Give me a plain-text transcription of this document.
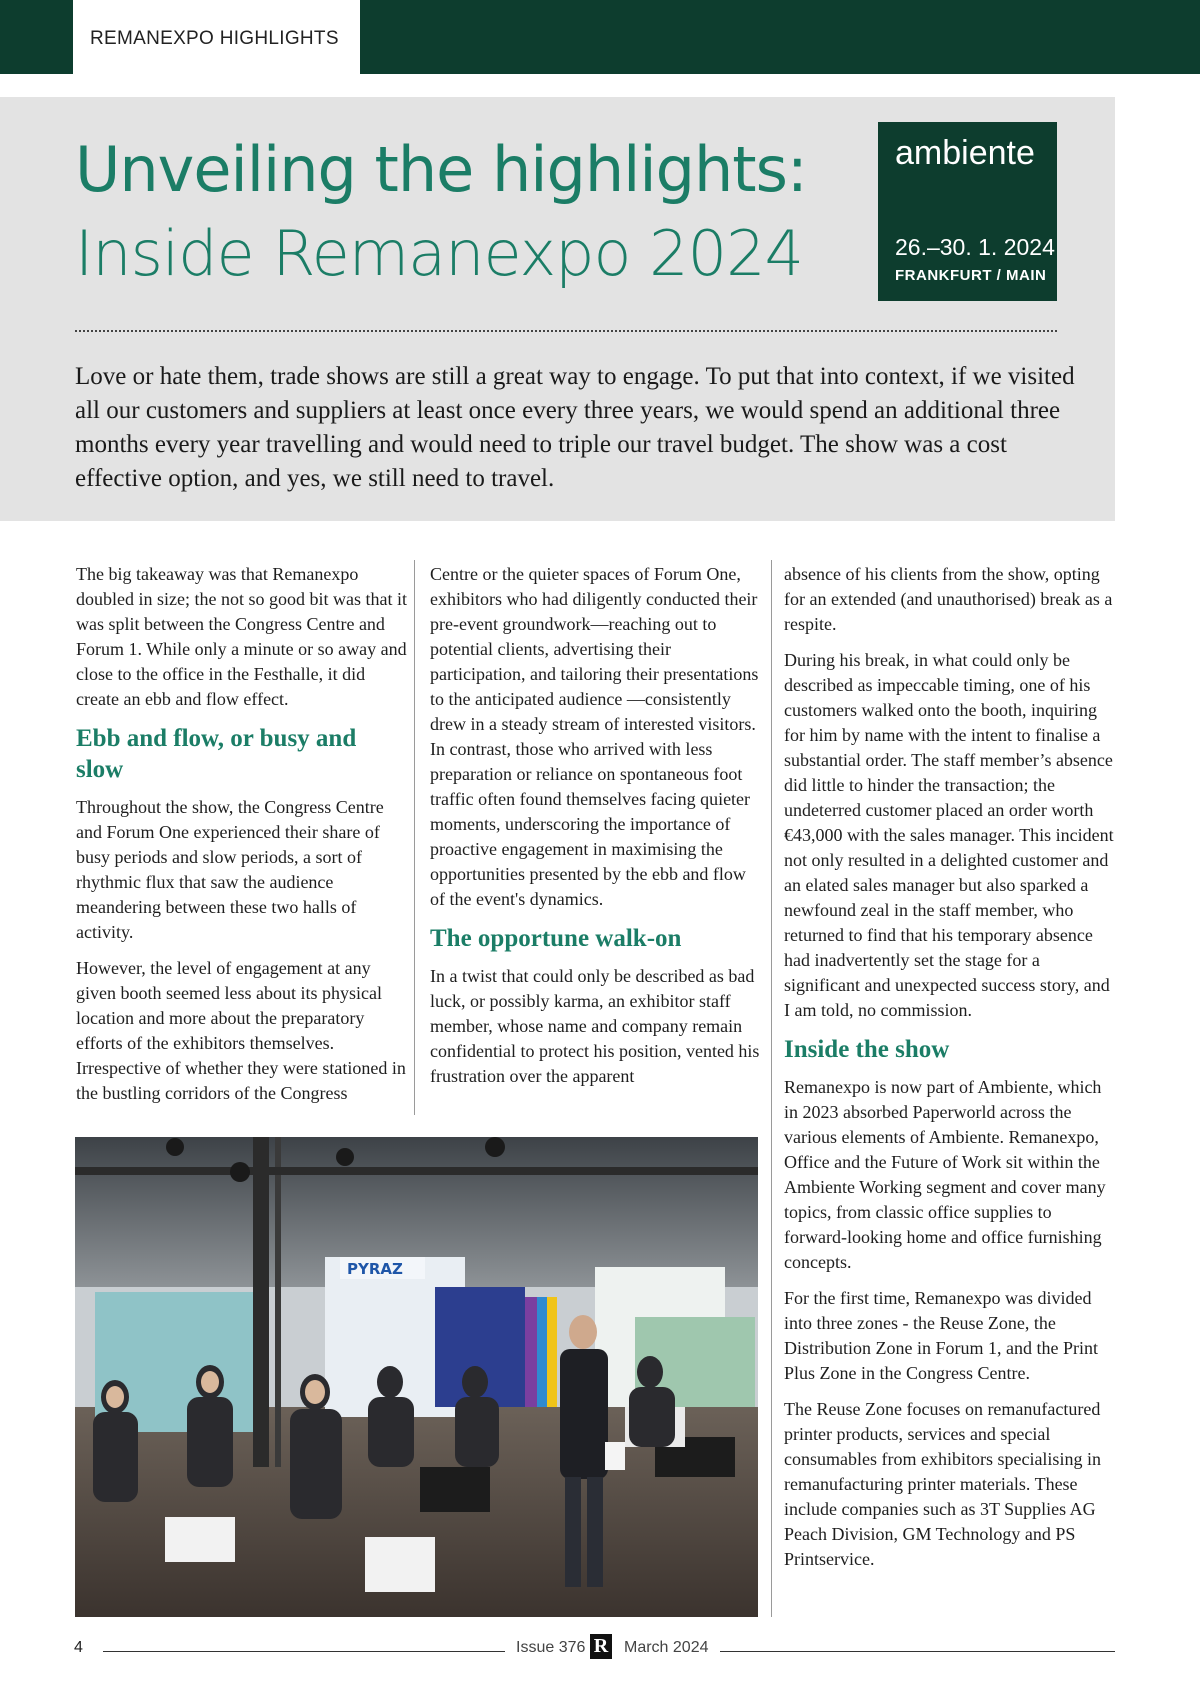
REMANEXPO HIGHLIGHTS
Unveiling the highlights:
Inside Remanexpo 2024
ambiente
26.–30. 1. 2024
FRANKFURT / MAIN

Love or hate them, trade shows are still a great way to engage. To put that into context, if we visited all our customers and suppliers at least once every three years, we would spend an additional three months every year travelling and would need to triple our travel budget. The show was a cost effective option, and yes, we still need to travel.

The big takeaway was that Remanexpo doubled in size; the not so good bit was that it was split between the Congress Centre and Forum 1. While only a minute or so away and close to the office in the Festhalle, it did create an ebb and flow effect.

Ebb and flow, or busy and slow

Throughout the show, the Congress Centre and Forum One experienced their share of busy periods and slow periods, a sort of rhythmic flux that saw the audience meandering between these two halls of activity.

However, the level of engagement at any given booth seemed less about its physical location and more about the preparatory efforts of the exhibitors themselves. Irrespective of whether they were stationed in the bustling corridors of the Congress

Centre or the quieter spaces of Forum One, exhibitors who had diligently conducted their pre-event groundwork—reaching out to potential clients, advertising their participation, and tailoring their presentations to the anticipated audience —consistently drew in a steady stream of interested visitors. In contrast, those who arrived with less preparation or reliance on spontaneous foot traffic often found themselves facing quieter moments, underscoring the importance of proactive engagement in maximising the opportunities presented by the ebb and flow of the event's dynamics.

The opportune walk-on

In a twist that could only be described as bad luck, or possibly karma, an exhibitor staff member, whose name and company remain confidential to protect his position, vented his frustration over the apparent

absence of his clients from the show, opting for an extended (and unauthorised) break as a respite.

During his break, in what could only be described as impeccable timing, one of his customers walked onto the booth, inquiring for him by name with the intent to finalise a substantial order. The staff member’s absence did little to hinder the transaction; the undeterred customer placed an order worth €43,000 with the sales manager. This incident not only resulted in a delighted customer and an elated sales manager but also sparked a newfound zeal in the staff member, who returned to find that his temporary absence had inadvertently set the stage for a significant and unexpected success story, and I am told, no commission.

Inside the show

Remanexpo is now part of Ambiente, which in 2023 absorbed Paperworld across the various elements of Ambiente. Remanexpo, Office and the Future of Work sit within the Ambiente Working segment and cover many topics, from classic office supplies to forward-looking home and office furnishing concepts.

For the first time, Remanexpo was divided into three zones - the Reuse Zone, the Distribution Zone in Forum 1, and the Print Plus Zone in the Congress Centre.

The Reuse Zone focuses on remanufactured printer products, services and special consumables from exhibitors specialising in remanufacturing printer materials. These include companies such as 3T Supplies AG Peach Division, GM Technology and PS Printservice.

PYRAZ
4	Issue 376 R March 2024
